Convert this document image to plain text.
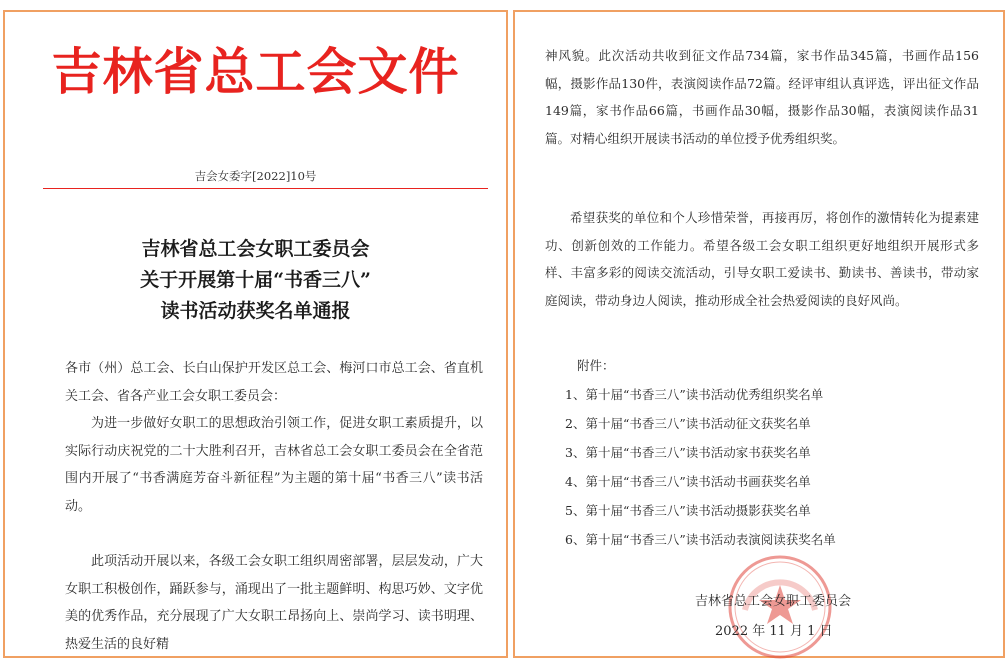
吉林省总工会文件
吉会女委字[2022]10号
吉林省总工会女职工委员会
关于开展第十届“书香三八”
读书活动获奖名单通报
各市（州）总工会、长白山保护开发区总工会、梅河口市总工会、省直机关工会、省各产业工会女职工委员会：
为进一步做好女职工的思想政治引领工作，促进女职工素质提升，以实际行动庆祝党的二十大胜利召开，吉林省总工会女职工委员会在全省范围内开展了“书香满庭芳奋斗新征程”为主题的第十届“书香三八”读书活动。
此项活动开展以来，各级工会女职工组织周密部署，层层发动，广大女职工积极创作，踊跃参与，涌现出了一批主题鲜明、构思巧妙、文字优美的优秀作品，充分展现了广大女职工昂扬向上、崇尚学习、读书明理、热爱生活的良好精
神风貌。此次活动共收到征文作品734篇，家书作品345篇，书画作品156幅，摄影作品130件，表演阅读作品72篇。经评审组认真评选，评出征文作品149篇，家书作品66篇，书画作品30幅，摄影作品30幅，表演阅读作品31篇。对精心组织开展读书活动的单位授予优秀组织奖。
希望获奖的单位和个人珍惜荣誉，再接再厉，将创作的激情转化为提素建功、创新创效的工作能力。希望各级工会女职工组织更好地组织开展形式多样、丰富多彩的阅读交流活动，引导女职工爱读书、勤读书、善读书，带动家庭阅读，带动身边人阅读，推动形成全社会热爱阅读的良好风尚。
附件：
1、第十届“书香三八”读书活动优秀组织奖名单
2、第十届“书香三八”读书活动征文获奖名单
3、第十届“书香三八”读书活动家书获奖名单
4、第十届“书香三八”读书活动书画获奖名单
5、第十届“书香三八”读书活动摄影获奖名单
6、第十届“书香三八”读书活动表演阅读获奖名单
吉林省总工会女职工委员会
2022 年 11 月 1 日
